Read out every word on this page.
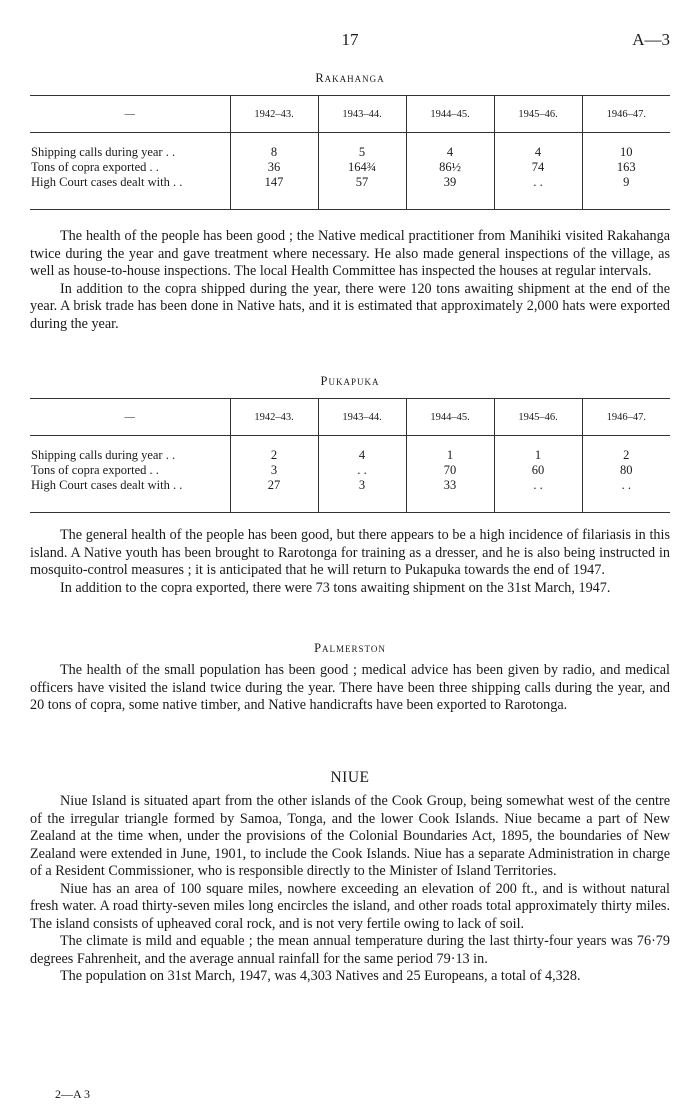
17	A—3
Rakahanga
—	1942–43.	1943–44.	1944–45.	1945–46.	1946–47.

Shipping calls during year . .	8	5	4	4	10
Tons of copra exported . .	36	164¾	86½	74	163
High Court cases dealt with . .	147	57	39	. .	9

The health of the people has been good ; the Native medical practitioner from Manihiki visited Rakahanga twice during the year and gave treatment where necessary. He also made general inspections of the village, as well as house-to-house inspections. The local Health Committee has inspected the houses at regular intervals.

In addition to the copra shipped during the year, there were 120 tons awaiting shipment at the end of the year. A brisk trade has been done in Native hats, and it is estimated that approximately 2,000 hats were exported during the year.

Pukapuka
—	1942–43.	1943–44.	1944–45.	1945–46.	1946–47.

Shipping calls during year . .	2	4	1	1	2
Tons of copra exported . .	3	. .	70	60	80
High Court cases dealt with . .	27	3	33	. .	. .

The general health of the people has been good, but there appears to be a high incidence of filariasis in this island. A Native youth has been brought to Rarotonga for training as a dresser, and he is also being instructed in mosquito-control measures ; it is anticipated that he will return to Pukapuka towards the end of 1947.

In addition to the copra exported, there were 73 tons awaiting shipment on the 31st March, 1947.

Palmerston

The health of the small population has been good ; medical advice has been given by radio, and medical officers have visited the island twice during the year. There have been three shipping calls during the year, and 20 tons of copra, some native timber, and Native handicrafts have been exported to Rarotonga.

NIUE

Niue Island is situated apart from the other islands of the Cook Group, being somewhat west of the centre of the irregular triangle formed by Samoa, Tonga, and the lower Cook Islands. Niue became a part of New Zealand at the time when, under the provisions of the Colonial Boundaries Act, 1895, the boundaries of New Zealand were extended in June, 1901, to include the Cook Islands. Niue has a separate Administration in charge of a Resident Commissioner, who is responsible directly to the Minister of Island Territories.

Niue has an area of 100 square miles, nowhere exceeding an elevation of 200 ft., and is without natural fresh water. A road thirty-seven miles long encircles the island, and other roads total approximately thirty miles. The island consists of upheaved coral rock, and is not very fertile owing to lack of soil.

The climate is mild and equable ; the mean annual temperature during the last thirty-four years was 76·79 degrees Fahrenheit, and the average annual rainfall for the same period 79·13 in.

The population on 31st March, 1947, was 4,303 Natives and 25 Europeans, a total of 4,328.

2—A 3
